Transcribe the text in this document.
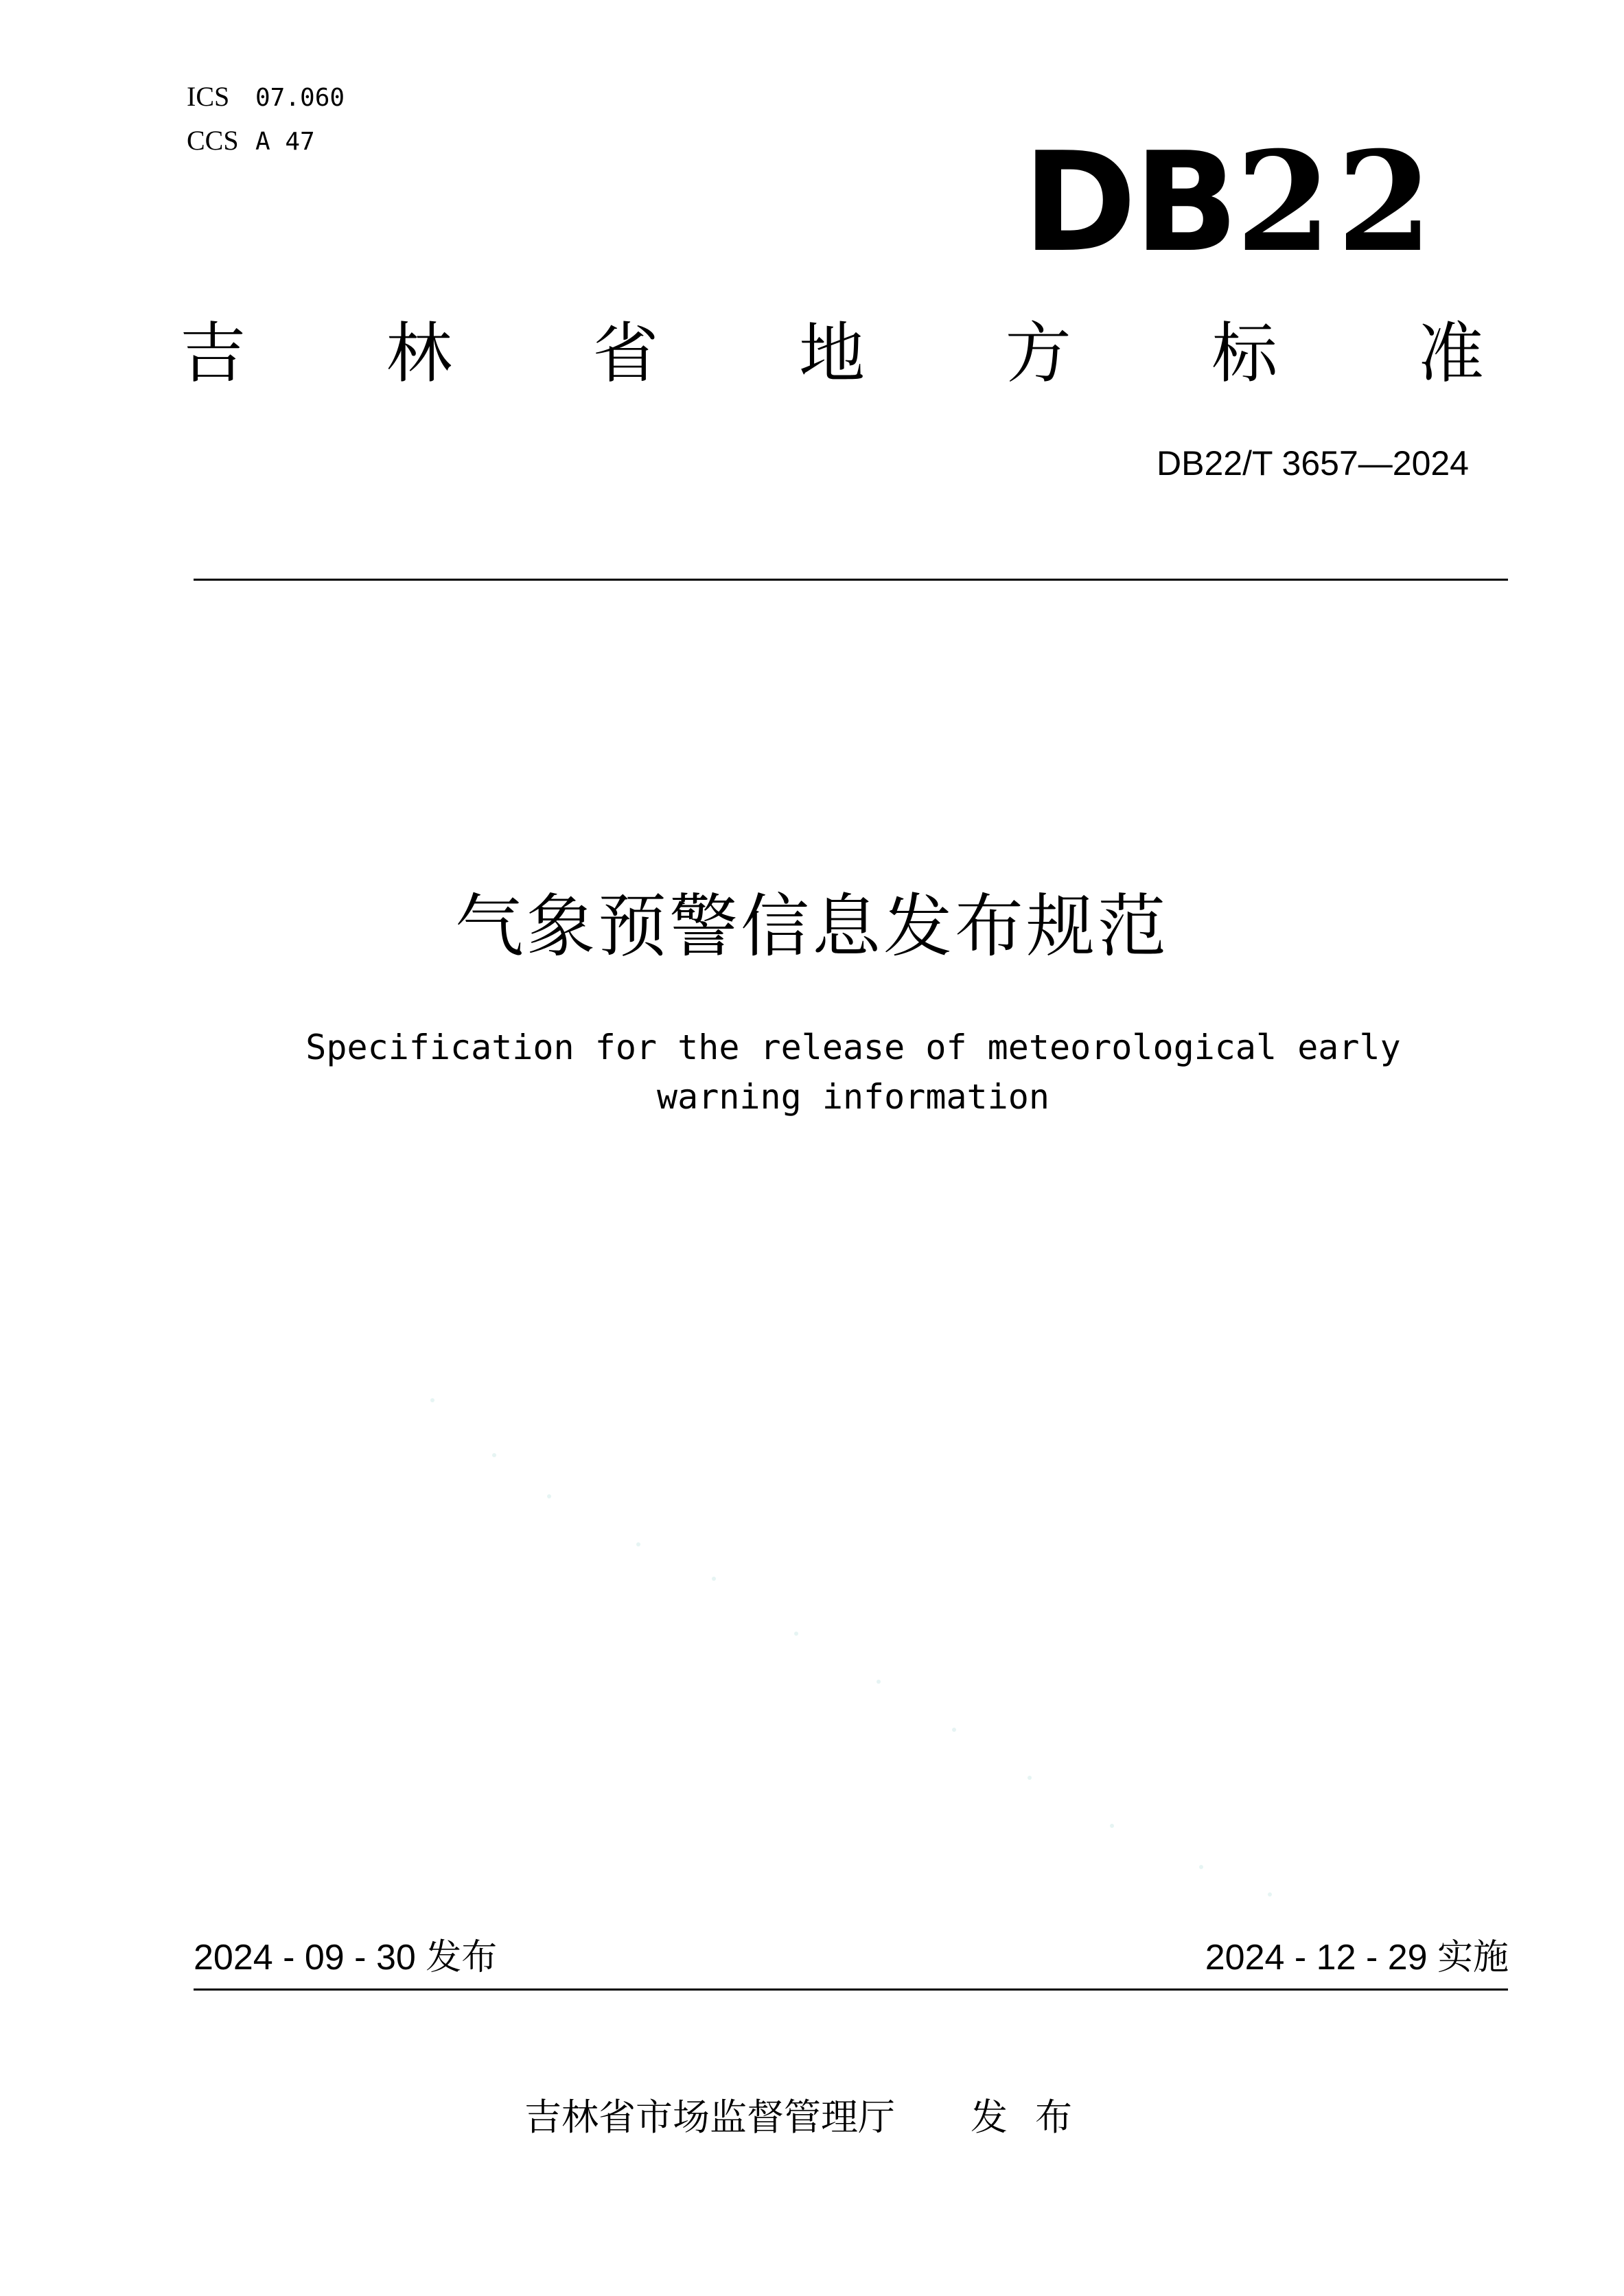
ICS 07.060
CCS A 47	DB22
吉 林 省 地 方 标 准
DB22/T 3657—2024
气象预警信息发布规范
Specification for the release of meteorological early warning information
2024 - 09 - 30 发布	2024 - 12 - 29 实施
吉林省市场监督管理厅 发布
